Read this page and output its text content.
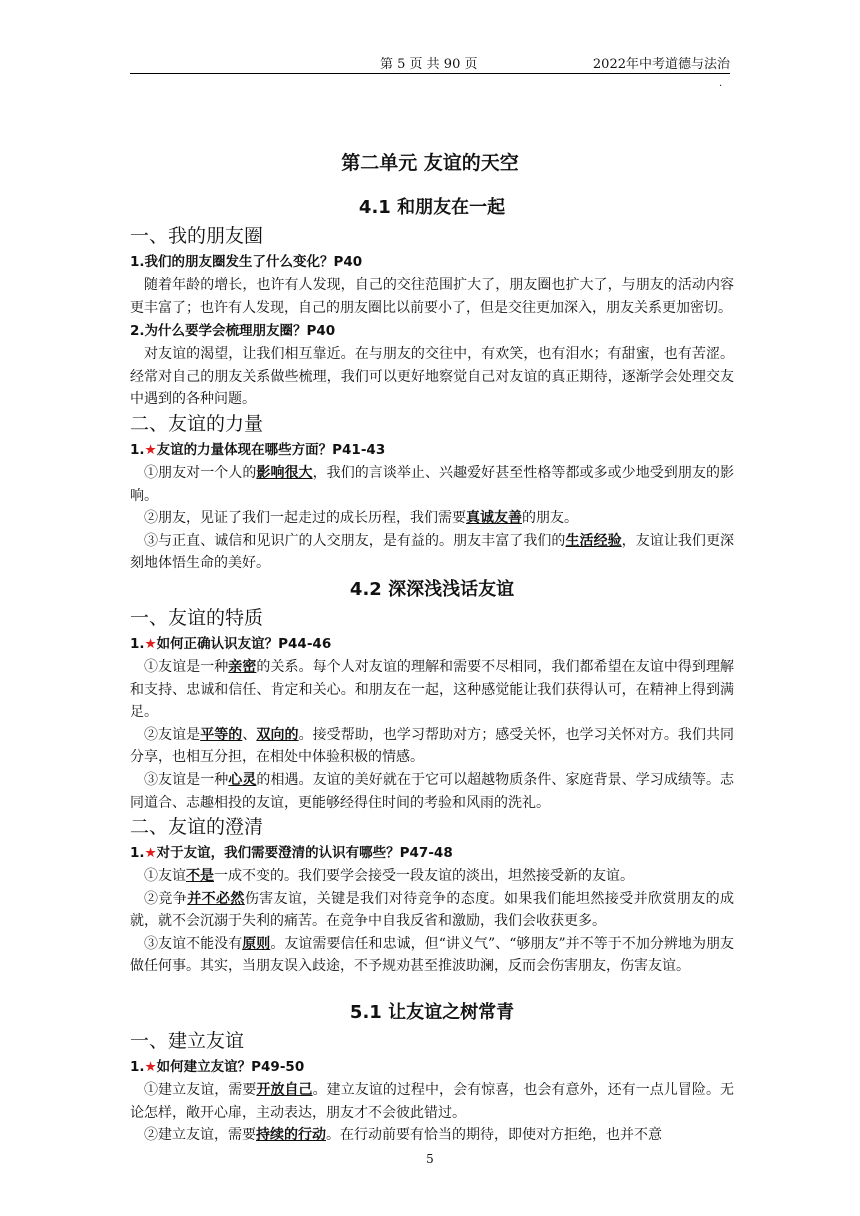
第 5 页 共 90 页	2022年中考道德与法治
.
第二单元 友谊的天空
4.1 和朋友在一起
一、我的朋友圈
1.我们的朋友圈发生了什么变化？P40
随着年龄的增长，也许有人发现，自己的交往范围扩大了，朋友圈也扩大了，与朋友的活动内容更丰富了；也许有人发现，自己的朋友圈比以前要小了，但是交往更加深入，朋友关系更加密切。
2.为什么要学会梳理朋友圈？P40
对友谊的渴望，让我们相互靠近。在与朋友的交往中，有欢笑，也有泪水；有甜蜜，也有苦涩。经常对自己的朋友关系做些梳理，我们可以更好地察觉自己对友谊的真正期待，逐渐学会处理交友中遇到的各种问题。
二、友谊的力量
1.★友谊的力量体现在哪些方面？P41-43
①朋友对一个人的影响很大，我们的言谈举止、兴趣爱好甚至性格等都或多或少地受到朋友的影响。
②朋友，见证了我们一起走过的成长历程，我们需要真诚友善的朋友。
③与正直、诚信和见识广的人交朋友，是有益的。朋友丰富了我们的生活经验，友谊让我们更深刻地体悟生命的美好。
4.2 深深浅浅话友谊
一、友谊的特质
1.★如何正确认识友谊？P44-46
①友谊是一种亲密的关系。每个人对友谊的理解和需要不尽相同，我们都希望在友谊中得到理解和支持、忠诚和信任、肯定和关心。和朋友在一起，这种感觉能让我们获得认可，在精神上得到满足。
②友谊是平等的、双向的。接受帮助，也学习帮助对方；感受关怀，也学习关怀对方。我们共同分享，也相互分担，在相处中体验积极的情感。
③友谊是一种心灵的相遇。友谊的美好就在于它可以超越物质条件、家庭背景、学习成绩等。志同道合、志趣相投的友谊，更能够经得住时间的考验和风雨的洗礼。
二、友谊的澄清
1.★对于友谊，我们需要澄清的认识有哪些？P47-48
①友谊不是一成不变的。我们要学会接受一段友谊的淡出，坦然接受新的友谊。
②竞争并不必然伤害友谊，关键是我们对待竞争的态度。如果我们能坦然接受并欣赏朋友的成就，就不会沉溺于失利的痛苦。在竞争中自我反省和激励，我们会收获更多。
③友谊不能没有原则。友谊需要信任和忠诚，但“讲义气”、“够朋友”并不等于不加分辨地为朋友做任何事。其实，当朋友误入歧途，不予规劝甚至推波助澜，反而会伤害朋友，伤害友谊。
5.1 让友谊之树常青
一、建立友谊
1.★如何建立友谊？P49-50
①建立友谊，需要开放自己。建立友谊的过程中，会有惊喜，也会有意外，还有一点儿冒险。无论怎样，敞开心扉，主动表达，朋友才不会彼此错过。
②建立友谊，需要持续的行动。在行动前要有恰当的期待，即使对方拒绝，也并不意
5
